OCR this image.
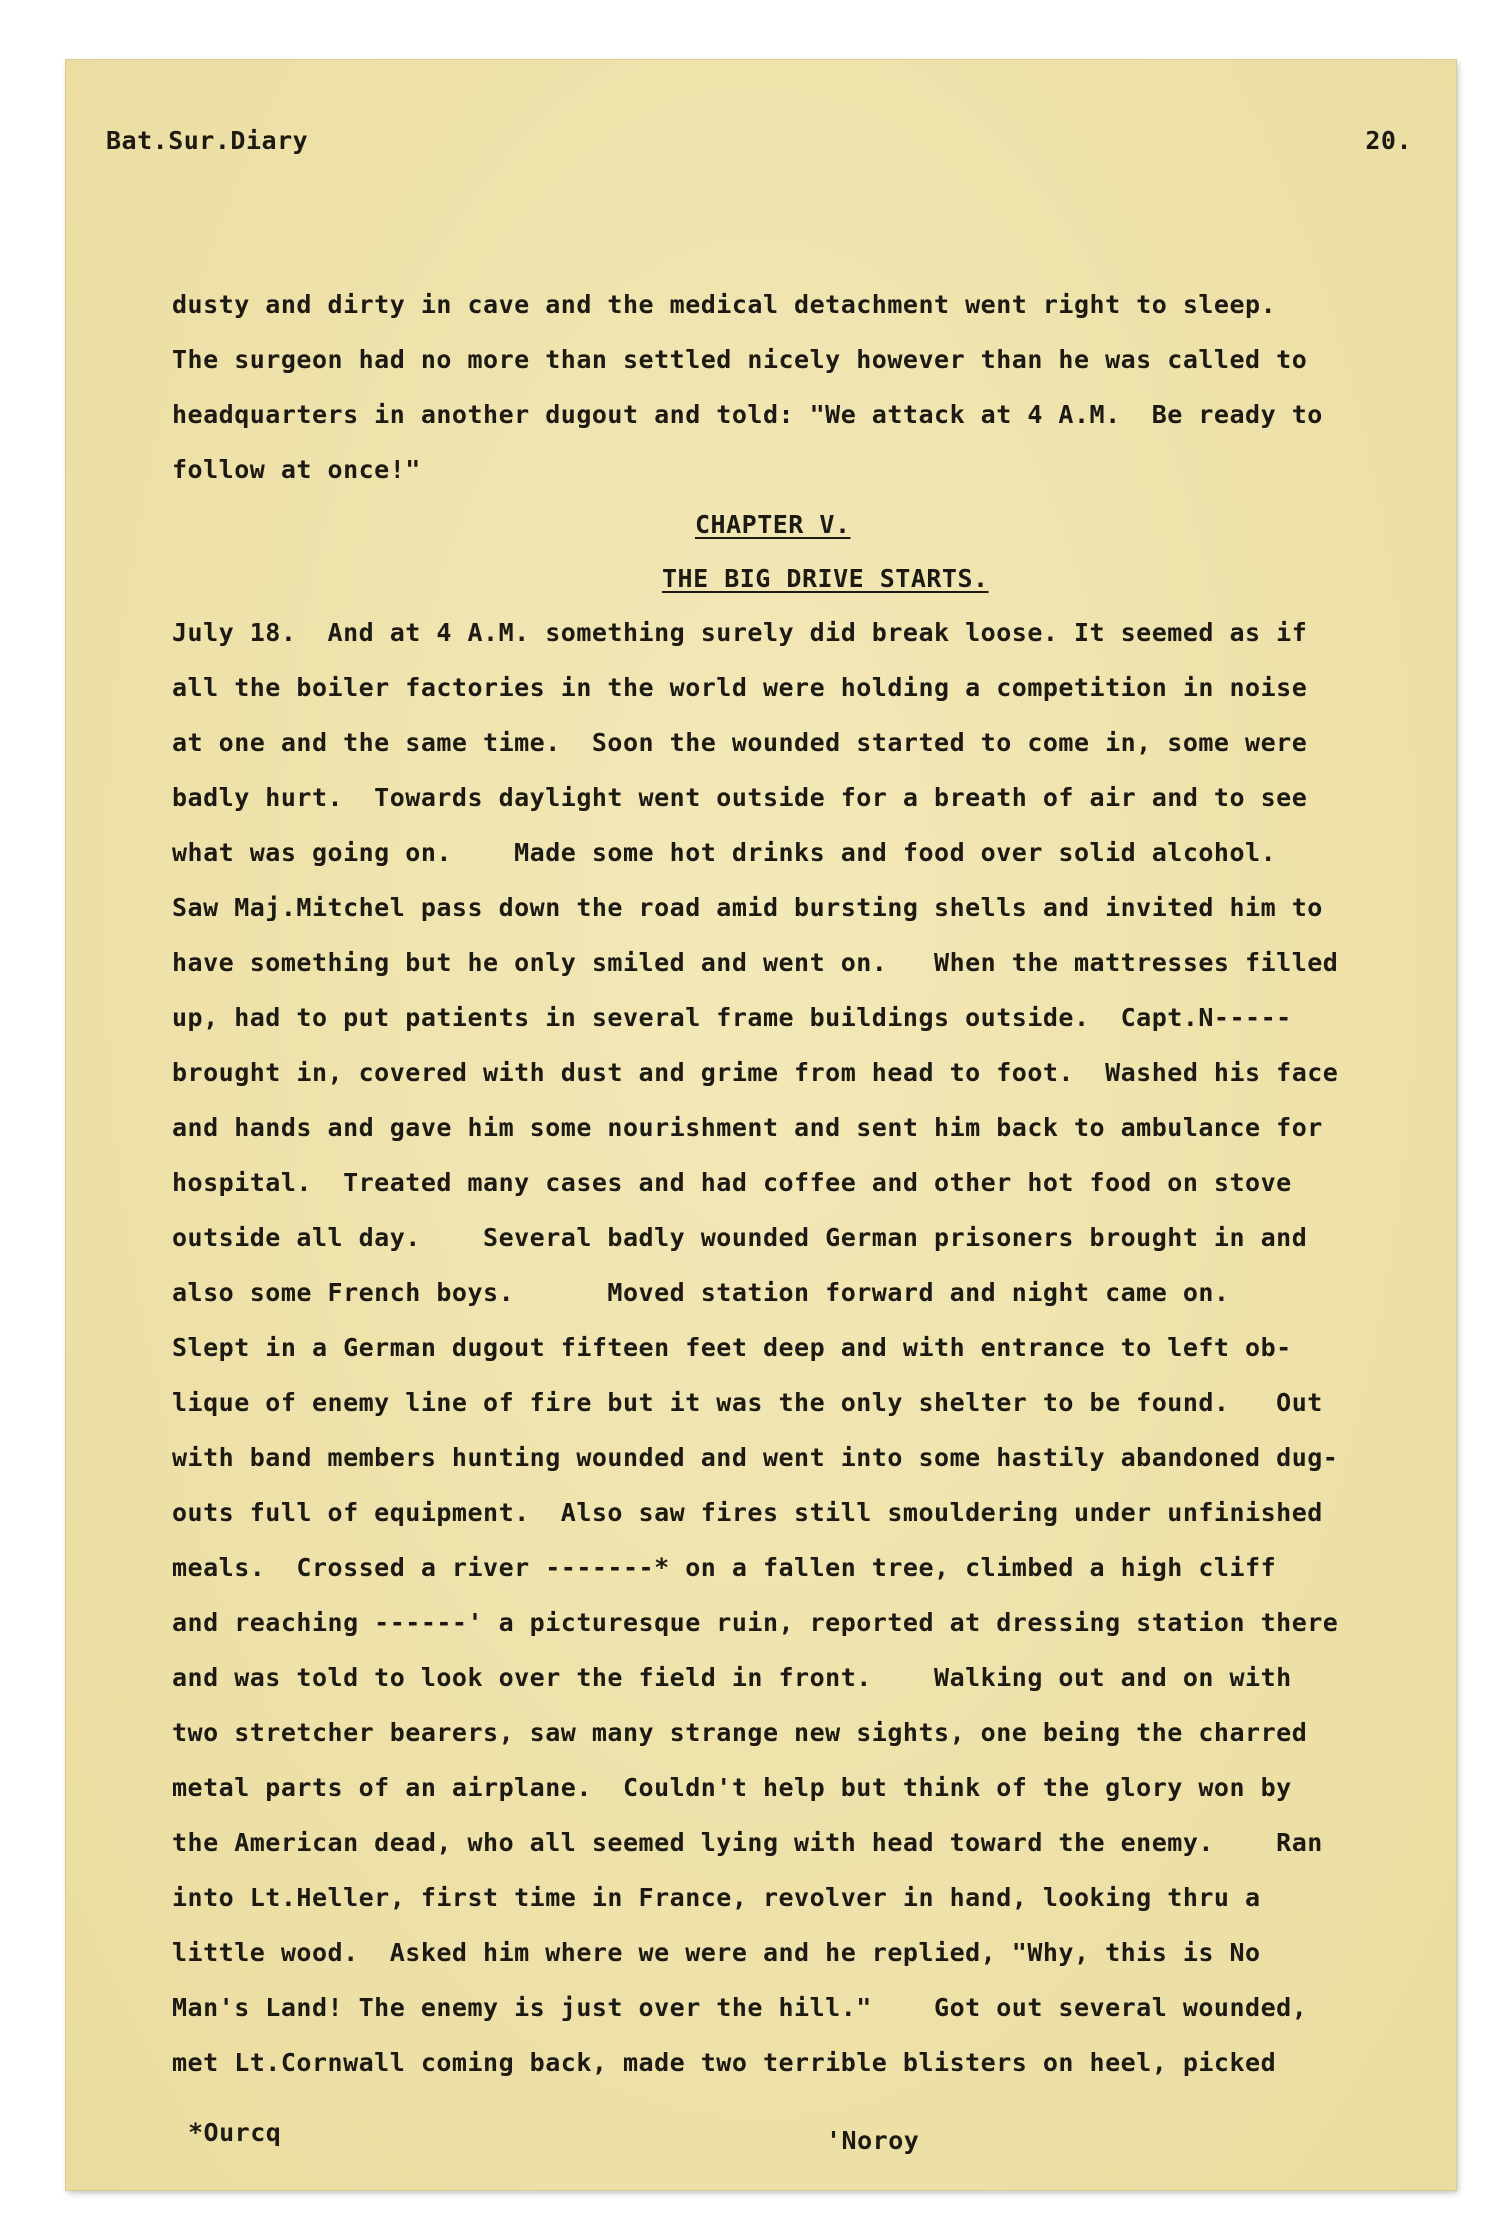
Bat.Sur.Diary	20.
dusty and dirty in cave and the medical detachment went right to sleep.
The surgeon had no more than settled nicely however than he was called to
headquarters in another dugout and told: "We attack at 4 A.M.  Be ready to
follow at once!"
CHAPTER V.
THE BIG DRIVE STARTS.
July 18.  And at 4 A.M. something surely did break loose. It seemed as if
all the boiler factories in the world were holding a competition in noise
at one and the same time.  Soon the wounded started to come in, some were
badly hurt.  Towards daylight went outside for a breath of air and to see
what was going on.    Made some hot drinks and food over solid alcohol.
Saw Maj.Mitchel pass down the road amid bursting shells and invited him to
have something but he only smiled and went on.   When the mattresses filled
up, had to put patients in several frame buildings outside.  Capt.N-----
brought in, covered with dust and grime from head to foot.  Washed his face
and hands and gave him some nourishment and sent him back to ambulance for
hospital.  Treated many cases and had coffee and other hot food on stove
outside all day.    Several badly wounded German prisoners brought in and
also some French boys.      Moved station forward and night came on.
Slept in a German dugout fifteen feet deep and with entrance to left ob-
lique of enemy line of fire but it was the only shelter to be found.   Out
with band members hunting wounded and went into some hastily abandoned dug-
outs full of equipment.  Also saw fires still smouldering under unfinished
meals.  Crossed a river -------* on a fallen tree, climbed a high cliff
and reaching ------' a picturesque ruin, reported at dressing station there
and was told to look over the field in front.    Walking out and on with
two stretcher bearers, saw many strange new sights, one being the charred
metal parts of an airplane.  Couldn't help but think of the glory won by
the American dead, who all seemed lying with head toward the enemy.    Ran
into Lt.Heller, first time in France, revolver in hand, looking thru a
little wood.  Asked him where we were and he replied, "Why, this is No
Man's Land! The enemy is just over the hill."    Got out several wounded,
met Lt.Cornwall coming back, made two terrible blisters on heel, picked
*Ourcq	'Noroy
